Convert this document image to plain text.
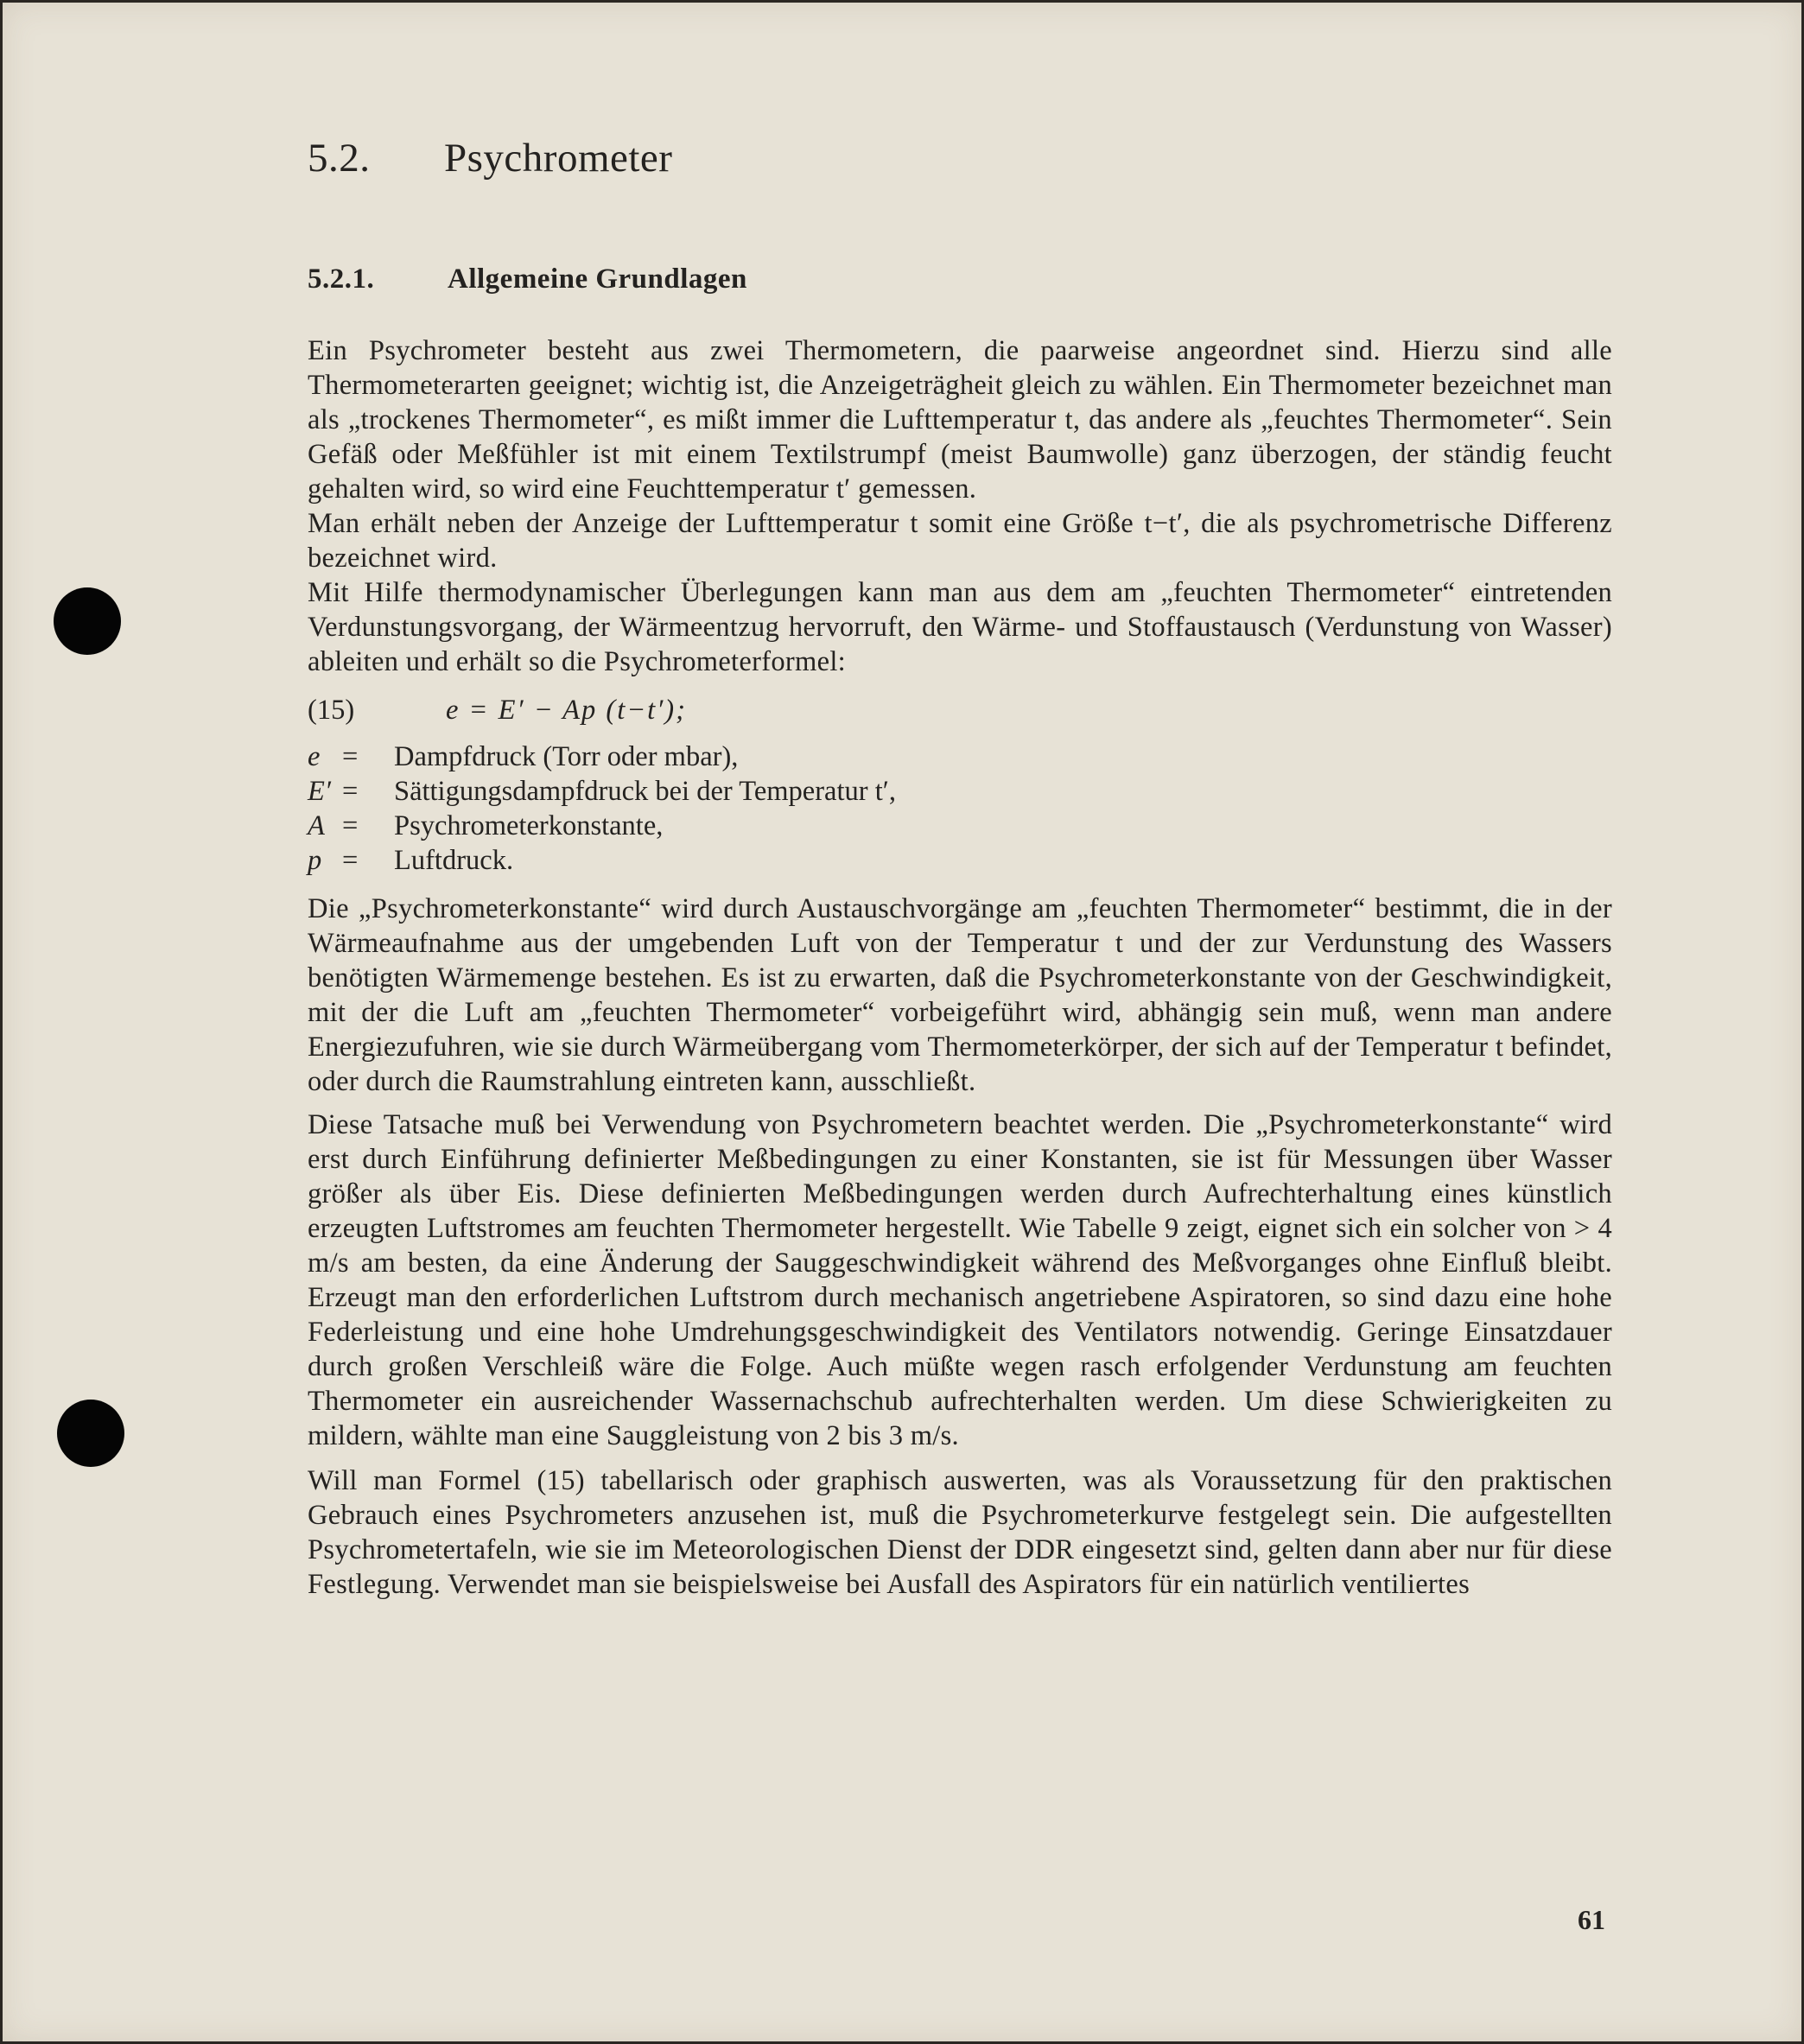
5.2.	Psychrometer
5.2.1.	Allgemeine Grundlagen

Ein Psychrometer besteht aus zwei Thermometern, die paarweise angeordnet sind. Hierzu sind alle Thermometerarten geeignet; wichtig ist, die Anzeigeträgheit gleich zu wählen. Ein Thermometer bezeichnet man als „trockenes Thermometer“, es mißt immer die Lufttemperatur t, das andere als „feuchtes Thermometer“. Sein Gefäß oder Meßfühler ist mit einem Textilstrumpf (meist Baumwolle) ganz überzogen, der ständig feucht gehalten wird, so wird eine Feuchttemperatur t′ gemessen.

Man erhält neben der Anzeige der Lufttemperatur t somit eine Größe t−t′, die als psychrometrische Differenz bezeichnet wird.

Mit Hilfe thermodynamischer Überlegungen kann man aus dem am „feuchten Thermometer“ eintretenden Verdunstungsvorgang, der Wärmeentzug hervorruft, den Wärme- und Stoffaustausch (Verdunstung von Wasser) ableiten und erhält so die Psychrometerformel:

(15)	e = E′ − Ap (t−t′);
e =	Dampfdruck (Torr oder mbar),
E′ =	Sättigungsdampfdruck bei der Temperatur t′,
A =	Psychrometerkonstante,
p =	Luftdruck.

Die „Psychrometerkonstante“ wird durch Austauschvorgänge am „feuchten Thermometer“ bestimmt, die in der Wärmeaufnahme aus der umgebenden Luft von der Temperatur t und der zur Verdunstung des Wassers benötigten Wärmemenge bestehen. Es ist zu erwarten, daß die Psychrometerkonstante von der Geschwindigkeit, mit der die Luft am „feuchten Thermometer“ vorbeigeführt wird, abhängig sein muß, wenn man andere Energiezufuhren, wie sie durch Wärmeübergang vom Thermometerkörper, der sich auf der Temperatur t befindet, oder durch die Raumstrahlung eintreten kann, ausschließt.

Diese Tatsache muß bei Verwendung von Psychrometern beachtet werden. Die „Psychrometerkonstante“ wird erst durch Einführung definierter Meßbedingungen zu einer Konstanten, sie ist für Messungen über Wasser größer als über Eis. Diese definierten Meßbedingungen werden durch Aufrechterhaltung eines künstlich erzeugten Luftstromes am feuchten Thermometer hergestellt. Wie Tabelle 9 zeigt, eignet sich ein solcher von > 4 m/s am besten, da eine Änderung der Sauggeschwindigkeit während des Meßvorganges ohne Einfluß bleibt. Erzeugt man den erforderlichen Luftstrom durch mechanisch angetriebene Aspiratoren, so sind dazu eine hohe Federleistung und eine hohe Umdrehungsgeschwindigkeit des Ventilators notwendig. Geringe Einsatzdauer durch großen Verschleiß wäre die Folge. Auch müßte wegen rasch erfolgender Verdunstung am feuchten Thermometer ein ausreichender Wassernachschub aufrechterhalten werden. Um diese Schwierigkeiten zu mildern, wählte man eine Sauggleistung von 2 bis 3 m/s.

Will man Formel (15) tabellarisch oder graphisch auswerten, was als Voraussetzung für den praktischen Gebrauch eines Psychrometers anzusehen ist, muß die Psychrometerkurve festgelegt sein. Die aufgestellten Psychrometertafeln, wie sie im Meteorologischen Dienst der DDR eingesetzt sind, gelten dann aber nur für diese Festlegung. Verwendet man sie beispielsweise bei Ausfall des Aspirators für ein natürlich ventiliertes

61
